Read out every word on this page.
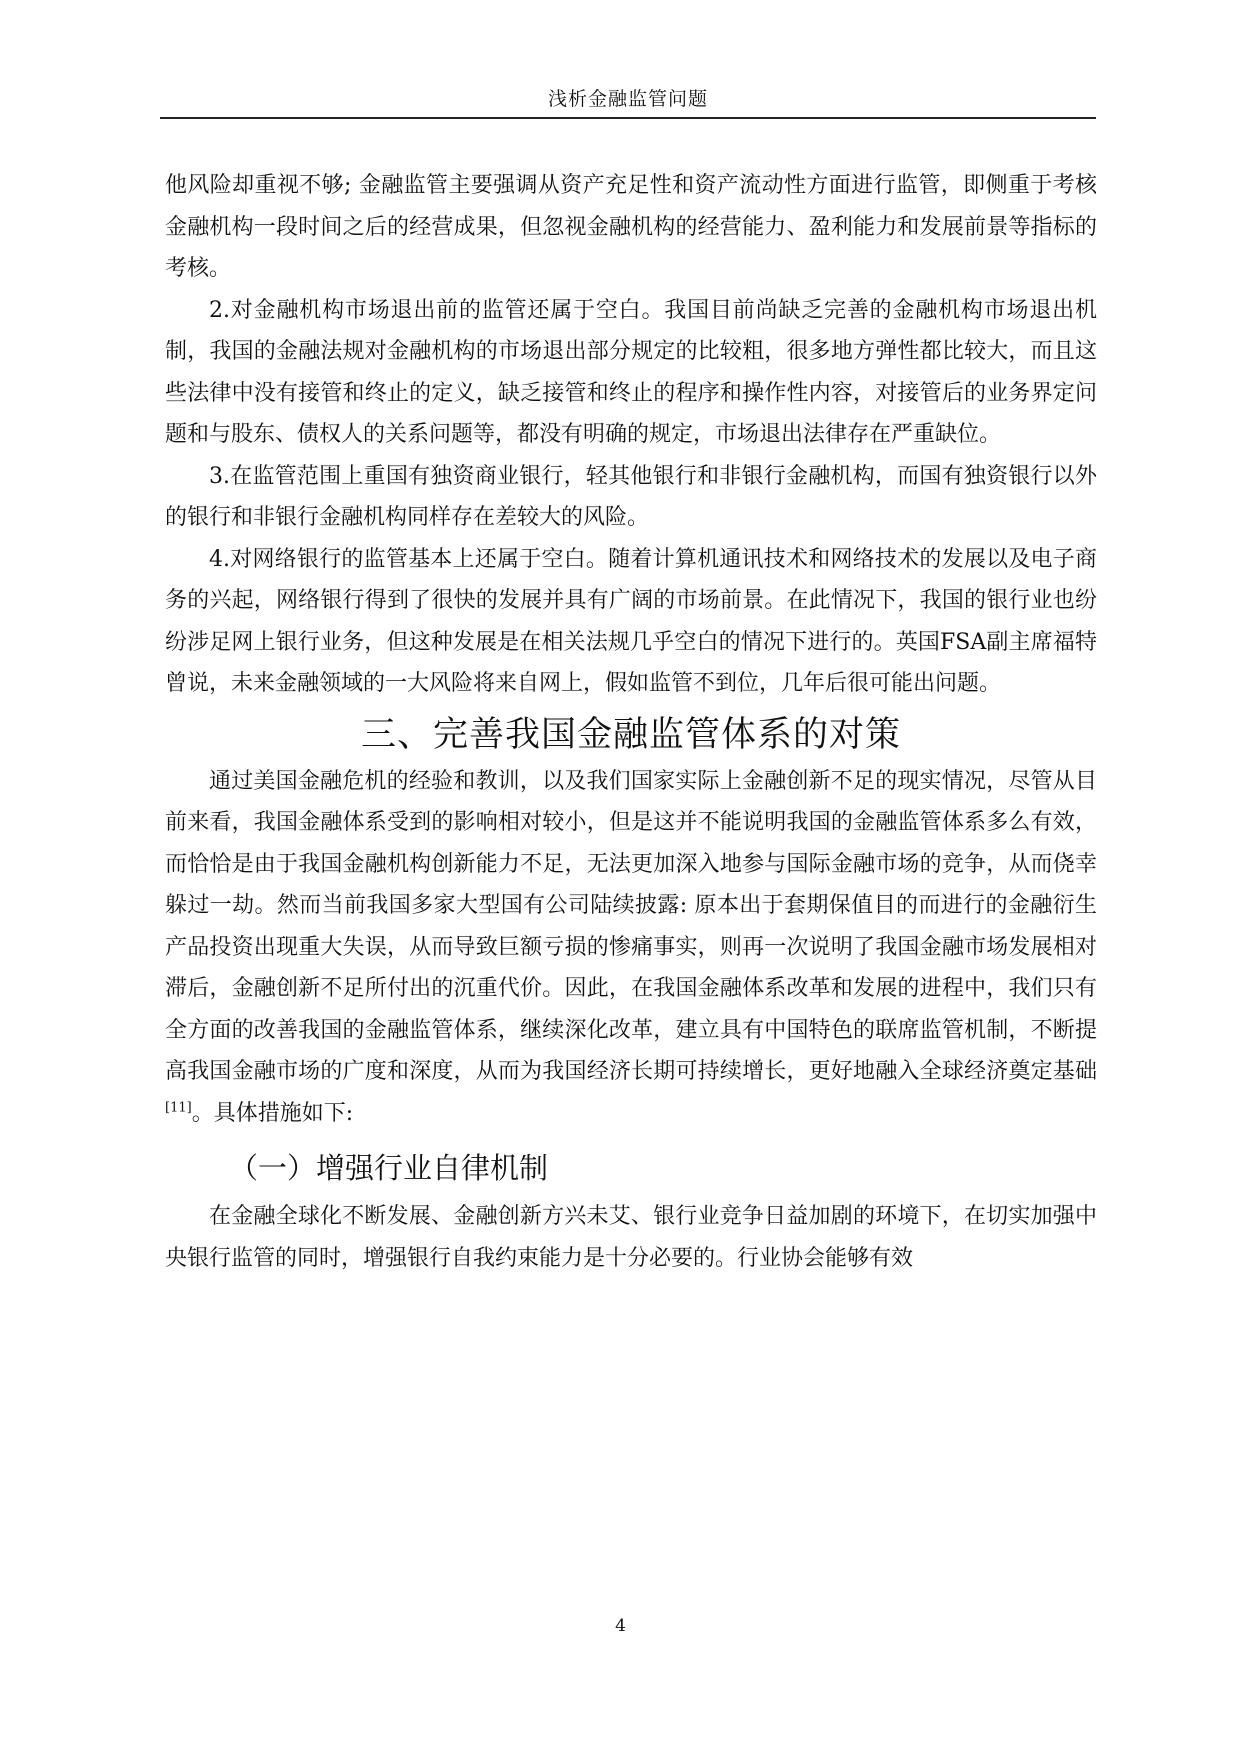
浅析金融监管问题

他风险却重视不够; 金融监管主要强调从资产充足性和资产流动性方面进行监管，即侧重于考核金融机构一段时间之后的经营成果，但忽视金融机构的经营能力、盈利能力和发展前景等指标的考核。

2.对金融机构市场退出前的监管还属于空白。我国目前尚缺乏完善的金融机构市场退出机制，我国的金融法规对金融机构的市场退出部分规定的比较粗，很多地方弹性都比较大，而且这些法律中没有接管和终止的定义，缺乏接管和终止的程序和操作性内容，对接管后的业务界定问题和与股东、债权人的关系问题等，都没有明确的规定，市场退出法律存在严重缺位。

3.在监管范围上重国有独资商业银行，轻其他银行和非银行金融机构，而国有独资银行以外的银行和非银行金融机构同样存在差较大的风险。

4.对网络银行的监管基本上还属于空白。随着计算机通讯技术和网络技术的发展以及电子商务的兴起，网络银行得到了很快的发展并具有广阔的市场前景。在此情况下，我国的银行业也纷纷涉足网上银行业务，但这种发展是在相关法规几乎空白的情况下进行的。英国FSA副主席福特曾说，未来金融领域的一大风险将来自网上，假如监管不到位，几年后很可能出问题。

三、完善我国金融监管体系的对策

通过美国金融危机的经验和教训，以及我们国家实际上金融创新不足的现实情况，尽管从目前来看，我国金融体系受到的影响相对较小，但是这并不能说明我国的金融监管体系多么有效，而恰恰是由于我国金融机构创新能力不足，无法更加深入地参与国际金融市场的竞争，从而侥幸躲过一劫。然而当前我国多家大型国有公司陆续披露: 原本出于套期保值目的而进行的金融衍生产品投资出现重大失误，从而导致巨额亏损的惨痛事实，则再一次说明了我国金融市场发展相对滞后，金融创新不足所付出的沉重代价。因此，在我国金融体系改革和发展的进程中，我们只有全方面的改善我国的金融监管体系，继续深化改革，建立具有中国特色的联席监管机制，不断提高我国金融市场的广度和深度，从而为我国经济长期可持续增长，更好地融入全球经济奠定基础[11]。具体措施如下:

（一）增强行业自律机制

在金融全球化不断发展、金融创新方兴未艾、银行业竞争日益加剧的环境下，在切实加强中央银行监管的同时，增强银行自我约束能力是十分必要的。行业协会能够有效

4
